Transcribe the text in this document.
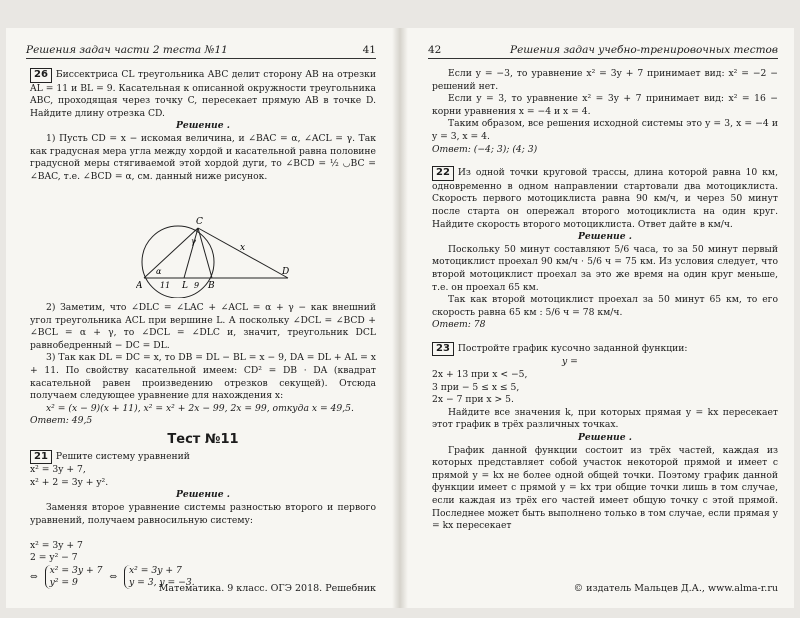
Решения задач части 2 теста №11	41

26 Биссектриса CL треугольника ABC делит сторону AB на отрезки AL = 11 и BL = 9. Касательная к описанной окружности треугольника ABC, проходящая через точку C, пересекает прямую AB в точке D. Найдите длину отрезка CD.

Решение .

1) Пусть CD = x − искомая величина, и ∠BAC = α, ∠ACL = γ. Так как градусная мера угла между хордой и касательной равна половине градусной меры стягиваемой этой хордой дуги, то ∠BCD = ½ ◡BC = ∠BAC, т.е. ∠BCD = α, см. данный ниже рисунок.

A	L B
D
C
11	9
x
α
γ

2) Заметим, что ∠DLC = ∠LAC + ∠ACL = α + γ − как внешний угол треугольника ACL при вершине L. А поскольку ∠DCL = ∠BCD + ∠BCL = α + γ, то ∠DCL = ∠DLC и, значит, треугольник DCL равнобедренный − DC = DL.

3) Так как DL = DC = x, то DB = DL − BL = x − 9, DA = DL + AL = x + 11. По свойству касательной имеем: CD² = DB · DA (квадрат касательной равен произведению отрезков секущей). Отсюда получаем следующее уравнение для нахождения x:

x² = (x − 9)(x + 11), x² = x² + 2x − 99, 2x = 99, откуда x = 49,5.

Ответ: 49,5

Тест №11

21 Решите систему уравнений

x² = 3y + 7,
x² + 2 = 3y + y².

Решение .

Заменяя второе уравнение системы разностью второго и первого уравнений, получаем равносильную систему:

x² = 3y + 7
2 = y² − 7
⇔
x² = 3y + 7
y² = 9	⇔
x² = 3y + 7
y = 3, y = −3.

Математика. 9 класс. ОГЭ 2018. Решебник
42	Решения задач учебно-тренировочных тестов

Если y = −3, то уравнение x² = 3y + 7 принимает вид: x² = −2 − решений нет.

Если y = 3, то уравнение x² = 3y + 7 принимает вид: x² = 16 − корни уравнения x = −4 и x = 4.

Таким образом, все решения исходной системы это y = 3, x = −4 и y = 3, x = 4.

Ответ: (−4; 3); (4; 3)

22 Из одной точки круговой трассы, длина которой равна 10 км, одновременно в одном направлении стартовали два мотоциклиста. Скорость первого мотоциклиста равна 90 км/ч, и через 50 минут после старта он опережал второго мотоциклиста на один круг. Найдите скорость второго мотоциклиста. Ответ дайте в км/ч.

Решение .

Поскольку 50 минут составляют 5/6 часа, то за 50 минут первый мотоциклист проехал 90 км/ч · 5/6 ч = 75 км. Из условия следует, что второй мотоциклист проехал за это же время на один круг меньше, т.е. он проехал 65 км.

Так как второй мотоциклист проехал за 50 минут 65 км, то его скорость равна 65 км : 5/6 ч = 78 км/ч.

Ответ: 78

23 Постройте график кусочно заданной функции:

y =

2x + 13 при x < −5,
3 при − 5 ≤ x ≤ 5,
2x − 7 при x > 5.

Найдите все значения k, при которых прямая y = kx пересекает этот график в трёх различных точках.

Решение .

График данной функции состоит из трёх частей, каждая из которых представляет собой участок некоторой прямой и имеет с прямой y = kx не более одной общей точки. Поэтому график данной функции имеет с прямой y = kx три общие точки лишь в том случае, если каждая из трёх его частей имеет общую точку с этой прямой. Последнее может быть выполнено только в том случае, если прямая y = kx пересекает

© издатель Мальцев Д.А., www.alma-r.ru
